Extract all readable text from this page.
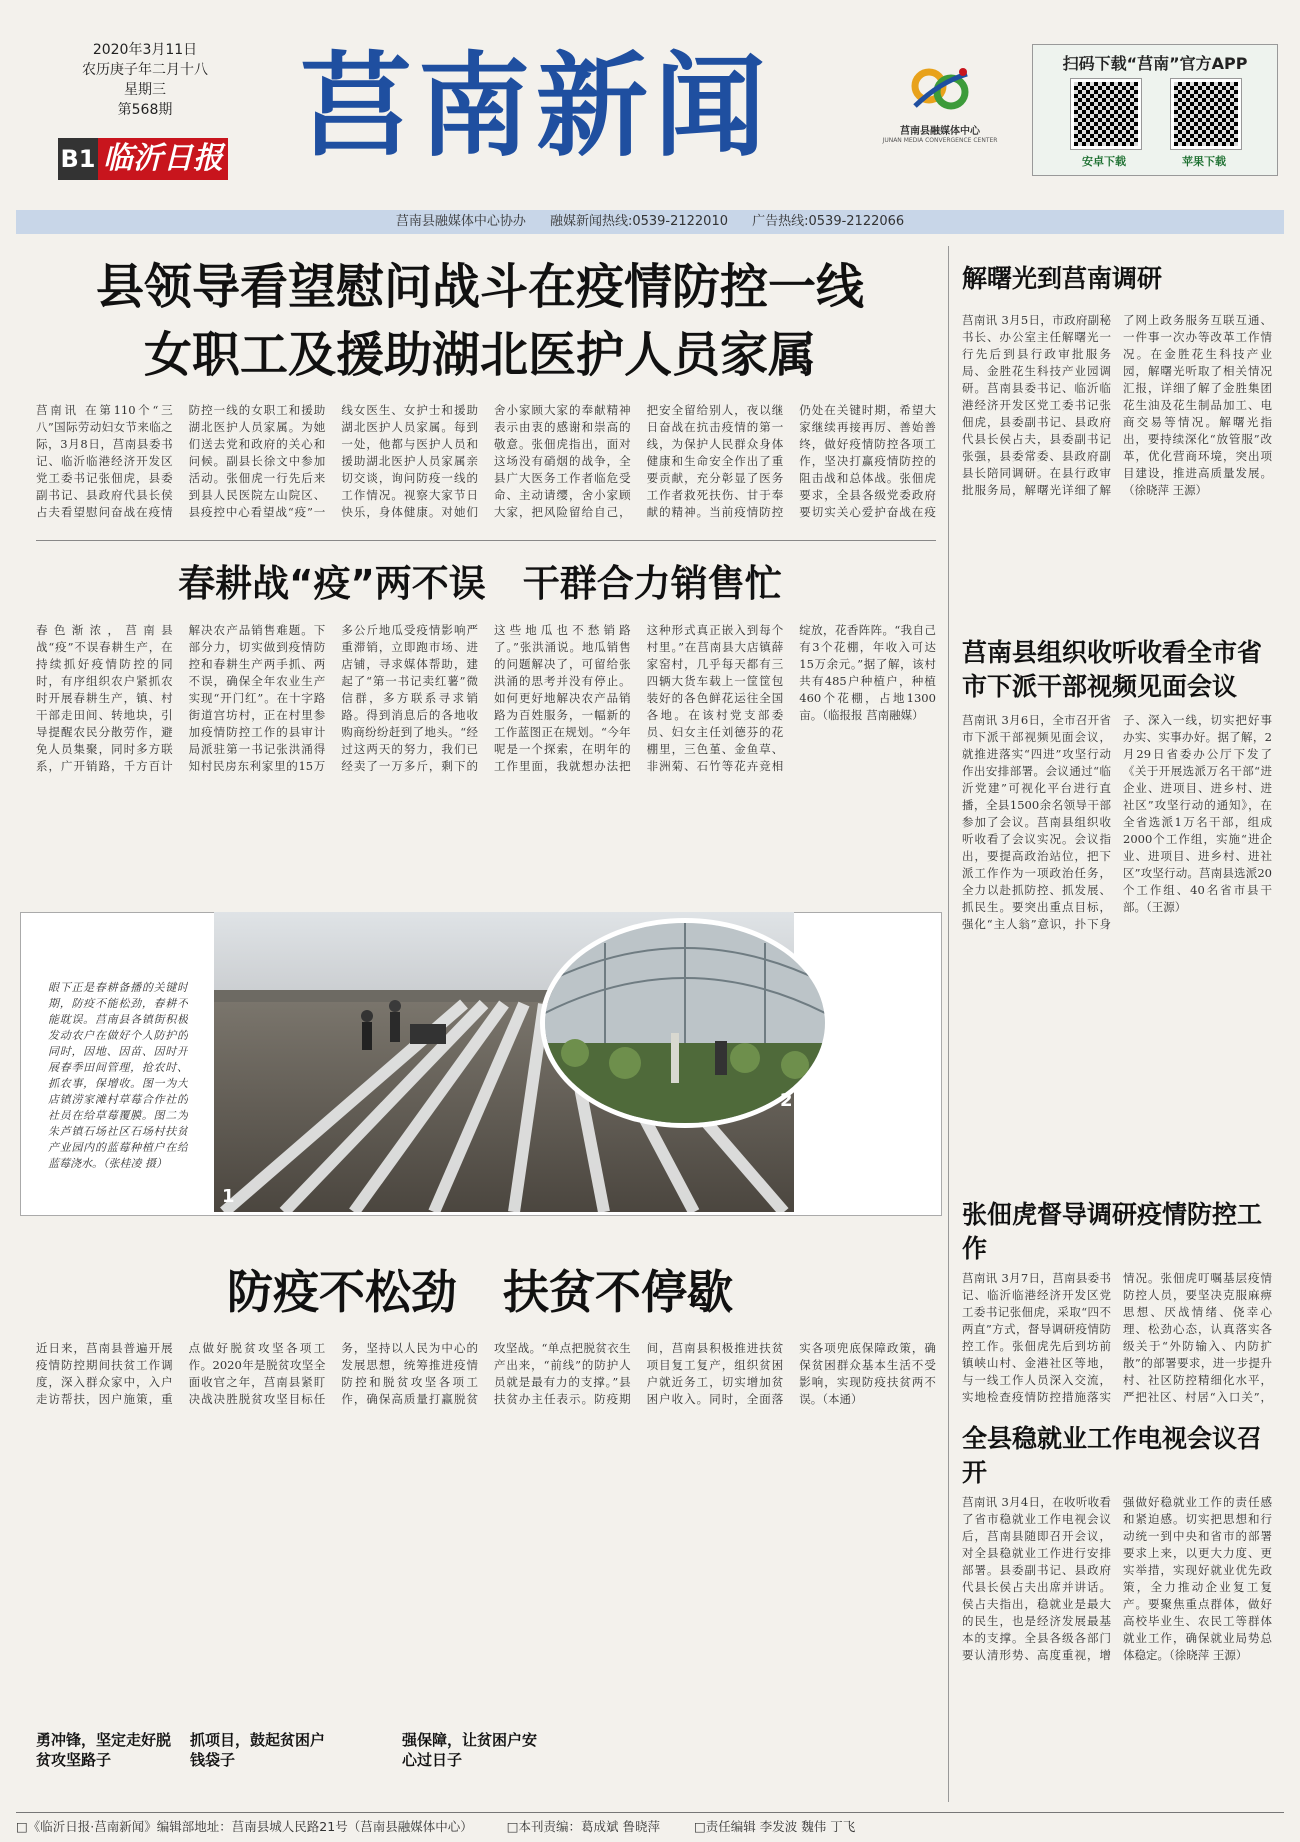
2020年3月11日
农历庚子年二月十八
星期三
第568期
B1 临沂日报 莒南新闻	莒南县融媒体中心
JUNAN MEDIA CONVERGENCE CENTER
扫码下载“莒南”官方APP
安卓下载	苹果下载
莒南县融媒体中心协办 融媒新闻热线:0539-2122010 广告热线:0539-2122066
县领导看望慰问战斗在疫情防控一线
女职工及援助湖北医护人员家属
莒南讯 在第110个“三八”国际劳动妇女节来临之际，3月8日，莒南县委书记、临沂临港经济开发区党工委书记张佃虎，县委副书记、县政府代县长侯占夫看望慰问奋战在疫情防控一线的女职工和援助湖北医护人员家属。为她们送去党和政府的关心和问候。副县长徐文中参加活动。张佃虎一行先后来到县人民医院左山院区、县疫控中心看望战“疫”一线女医生、女护士和援助湖北医护人员家属。每到一处，他都与医护人员和援助湖北医护人员家属亲切交谈，询问防疫一线的工作情况。视察大家节日快乐，身体健康。对她们舍小家顾大家的奉献精神表示由衷的感谢和崇高的敬意。张佃虎指出，面对这场没有硝烟的战争，全县广大医务工作者临危受命、主动请缨，舍小家顾大家，把风险留给自己，把安全留给别人，夜以继日奋战在抗击疫情的第一线，为保护人民群众身体健康和生命安全作出了重要贡献，充分彰显了医务工作者救死扶伤、甘于奉献的精神。当前疫情防控仍处在关键时期，希望大家继续再接再厉、善始善终，做好疫情防控各项工作，坚决打赢疫情防控的阻击战和总体战。张佃虎要求，全县各级党委政府要切实关心爱护奋战在疫
春耕战“疫”两不误　干群合力销售忙
春色渐浓，莒南县战“疫”不误春耕生产，在持续抓好疫情防控的同时，有序组织农户紧抓农时开展春耕生产，镇、村干部走田间、转地块，引导提醒农民分散劳作，避免人员集聚，同时多方联系，广开销路，千方百计解决农产品销售难题。下部分力，切实做到疫情防控和春耕生产两手抓、两不误，确保全年农业生产实现“开门红”。在十字路街道宫坊村，正在村里参加疫情防控工作的县审计局派驻第一书记张洪涌得知村民房东利家里的15万多公斤地瓜受疫情影响严重滞销，立即跑市场、进店铺，寻求媒体帮助，建起了“第一书记卖红薯”微信群，多方联系寻求销路。得到消息后的各地收购商纷纷赶到了地头。“经过这两天的努力，我们已经卖了一万多斤，剩下的这些地瓜也不愁销路了。”张洪涌说。地瓜销售的问题解决了，可留给张洪涌的思考并没有停止。如何更好地解决农产品销路为百姓服务，一幅新的工作蓝图正在规划。“今年呢是一个探索，在明年的工作里面，我就想办法把这种形式真正嵌入到每个村里。”在莒南县大店镇薛家窑村，几乎每天都有三四辆大货车载上一筐筐包装好的各色鲜花运往全国各地。在该村党支部委员、妇女主任刘德芬的花棚里，三色堇、金鱼草、非洲菊、石竹等花卉竞相绽放，花香阵阵。“我自己有3个花棚，年收入可达15万余元。”据了解，该村共有485户种植户，种植460个花棚，占地1300亩。（临报报 莒南融媒）
眼下正是春耕备播的关键时期，防疫不能松劲，春耕不能耽误。莒南县各镇街积极发动农户在做好个人防护的同时，因地、因苗、因时开展春季田间管理，抢农时、抓农事，保增收。图一为大店镇涝家滩村草莓合作社的社员在给草莓覆膜。图二为朱芦镇石场社区石场村扶贫产业园内的蓝莓种植户在给蓝莓浇水。（张桂凌 摄）
1
2
防疫不松劲　扶贫不停歇
近日来，莒南县普遍开展疫情防控期间扶贫工作调度，深入群众家中，入户走访帮扶，因户施策，重点做好脱贫攻坚各项工作。2020年是脱贫攻坚全面收官之年，莒南县紧盯决战决胜脱贫攻坚目标任务，坚持以人民为中心的发展思想，统筹推进疫情防控和脱贫攻坚各项工作，确保高质量打赢脱贫攻坚战。“单点把脱贫衣生产出来，“前线”的防护人员就是最有力的支撑。”县扶贫办主任表示。防疫期间，莒南县积极推进扶贫项目复工复产，组织贫困户就近务工，切实增加贫困户收入。同时，全面落实各项兜底保障政策，确保贫困群众基本生活不受影响，实现防疫扶贫两不误。（本通）
勇冲锋，坚定走好脱贫攻坚路子
强保障，让贫困户安心过日子
抓项目，鼓起贫困户钱袋子
解曙光到莒南调研
莒南讯 3月5日，市政府副秘书长、办公室主任解曙光一行先后到县行政审批服务局、金胜花生科技产业园调研。莒南县委书记、临沂临港经济开发区党工委书记张佃虎，县委副书记、县政府代县长侯占夫，县委副书记张强，县委常委、县政府副县长陪同调研。在县行政审批服务局，解曙光详细了解了网上政务服务互联互通、一件事一次办等改革工作情况。在金胜花生科技产业园，解曙光听取了相关情况汇报，详细了解了金胜集团花生油及花生制品加工、电商交易等情况。解曙光指出，要持续深化“放管服”改革，优化营商环境，突出项目建设，推进高质量发展。（徐晓萍 王源）
莒南县组织收听收看全市省市下派干部视频见面会议
莒南讯 3月6日，全市召开省市下派干部视频见面会议，就推进落实“四进”攻坚行动作出安排部署。会议通过“临沂党建”可视化平台进行直播，全县1500余名领导干部参加了会议。莒南县组织收听收看了会议实况。会议指出，要提高政治站位，把下派工作作为一项政治任务，全力以赴抓防控、抓发展、抓民生。要突出重点目标，强化“主人翁”意识，扑下身子、深入一线，切实把好事办实、实事办好。据了解，2月29日省委办公厅下发了《关于开展选派万名干部“进企业、进项目、进乡村、进社区”攻坚行动的通知》，在全省选派1万名干部，组成2000个工作组，实施“进企业、进项目、进乡村、进社区”攻坚行动。莒南县选派20个工作组、40名省市县干部。（王源）
张佃虎督导调研疫情防控工作
莒南讯 3月7日，莒南县委书记、临沂临港经济开发区党工委书记张佃虎，采取“四不两直”方式，督导调研疫情防控工作。张佃虎先后到坊前镇峡山村、金港社区等地，与一线工作人员深入交流，实地检查疫情防控措施落实情况。张佃虎叮嘱基层疫情防控人员，要坚决克服麻痹思想、厌战情绪、侥幸心理、松劲心态，认真落实各级关于“外防输入、内防扩散”的部署要求，进一步提升村、社区防控精细化水平，严把社区、村居“入口关”，
全县稳就业工作电视会议召开
莒南讯 3月4日，在收听收看了省市稳就业工作电视会议后，莒南县随即召开会议，对全县稳就业工作进行安排部署。县委副书记、县政府代县长侯占夫出席并讲话。侯占夫指出，稳就业是最大的民生，也是经济发展最基本的支撑。全县各级各部门要认清形势、高度重视，增强做好稳就业工作的责任感和紧迫感。切实把思想和行动统一到中央和省市的部署要求上来，以更大力度、更实举措，实现好就业优先政策，全力推动企业复工复产。要聚焦重点群体，做好高校毕业生、农民工等群体就业工作，确保就业局势总体稳定。（徐晓萍 王源）
□《临沂日报·莒南新闻》编辑部地址：莒南县城人民路21号（莒南县融媒体中心）	□本刊责编：葛成斌 鲁晓萍	□责任编辑 李发波 魏伟 丁飞
